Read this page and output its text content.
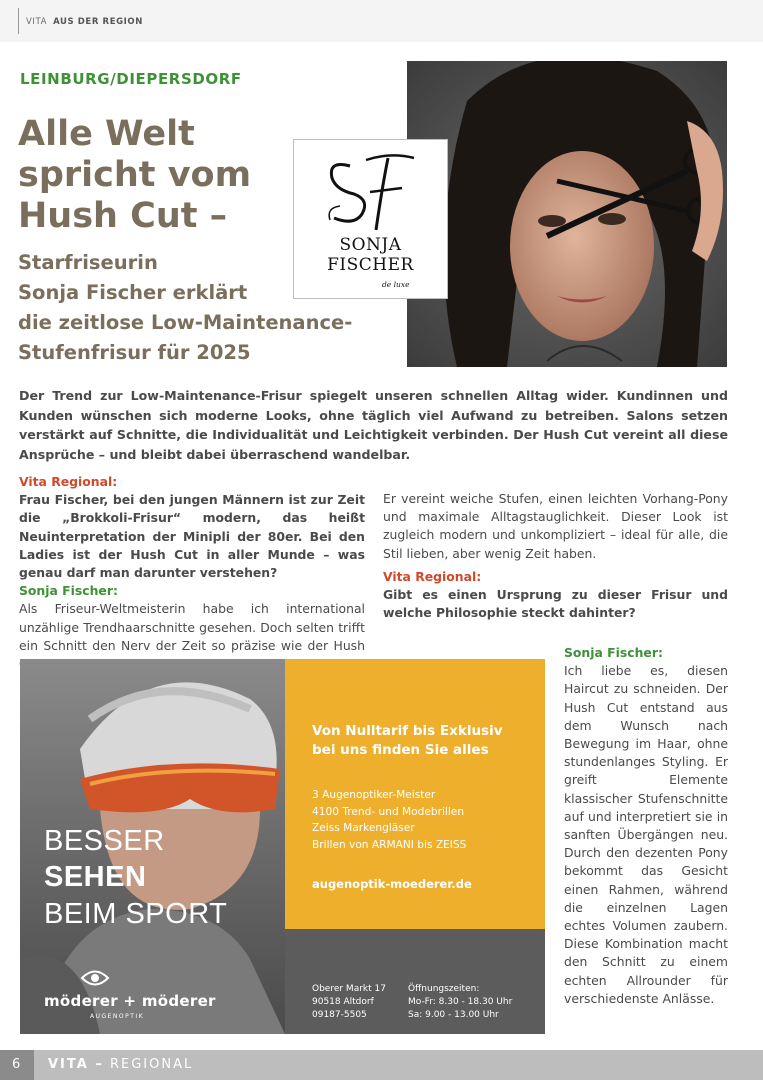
VITA AUS DER REGION
LEINBURG/DIEPERSDORF
Alle Welt
spricht vom
Hush Cut –
Starfriseurin
Sonja Fischer erklärt
die zeitlose Low-Maintenance-
Stufenfrisur für 2025
SONJA
FISCHER
de luxe
Der Trend zur Low-Maintenance-Frisur spiegelt unseren schnellen Alltag wider. Kundinnen und Kunden wünschen sich moderne Looks, ohne täglich viel Aufwand zu betreiben. Salons setzen verstärkt auf Schnitte, die Individualität und Leichtigkeit verbinden. Der Hush Cut vereint all diese Ansprüche – und bleibt dabei überraschend wandelbar.
Vita Regional:
Frau Fischer, bei den jungen Männern ist zur Zeit die „Brokkoli-Frisur“ modern, das heißt Neuinterpretation der Minipli der 80er. Bei den Ladies ist der Hush Cut in aller Munde – was genau darf man darunter verstehen?
Sonja Fischer:
Als Friseur-Weltmeisterin habe ich international unzählige Trendhaarschnitte gesehen. Doch selten trifft ein Schnitt den Nerv der Zeit so präzise wie der Hush
Er vereint weiche Stufen, einen leichten Vorhang-Pony und maximale Alltagstauglichkeit. Dieser Look ist zugleich modern und unkompliziert – ideal für alle, die Stil lieben, aber wenig Zeit haben.
Vita Regional:
Gibt es einen Ursprung zu dieser Frisur und welche Philosophie steckt dahinter?
Sonja Fischer:
Ich liebe es, diesen Haircut zu schneiden. Der Hush Cut entstand aus dem Wunsch nach Bewegung im Haar, ohne stundenlanges Styling. Er greift Elemente klassischer Stufenschnitte auf und interpretiert sie in sanften Übergängen neu. Durch den dezenten Pony bekommt das Gesicht einen Rahmen, während die einzelnen Lagen echtes Volumen zaubern. Diese Kombination macht den Schnitt zu einem echten Allrounder für verschiedenste Anlässe.
Von Nulltarif bis Exklusiv
bei uns finden Sie alles
3 Augenoptiker-Meister
4100 Trend- und Modebrillen
Zeiss Markengläser
Brillen von ARMANI bis ZEISS
augenoptik-moederer.de
BESSER
SEHEN
BEIM SPORT
Oberer Markt 17
90518 Altdorf
09187-5505
Öffnungszeiten:
Mo-Fr: 8.30 - 18.30 Uhr
Sa: 9.00 - 13.00 Uhr
möderer + möderer
AUGENOPTIK
6	VITA – REGIONAL
